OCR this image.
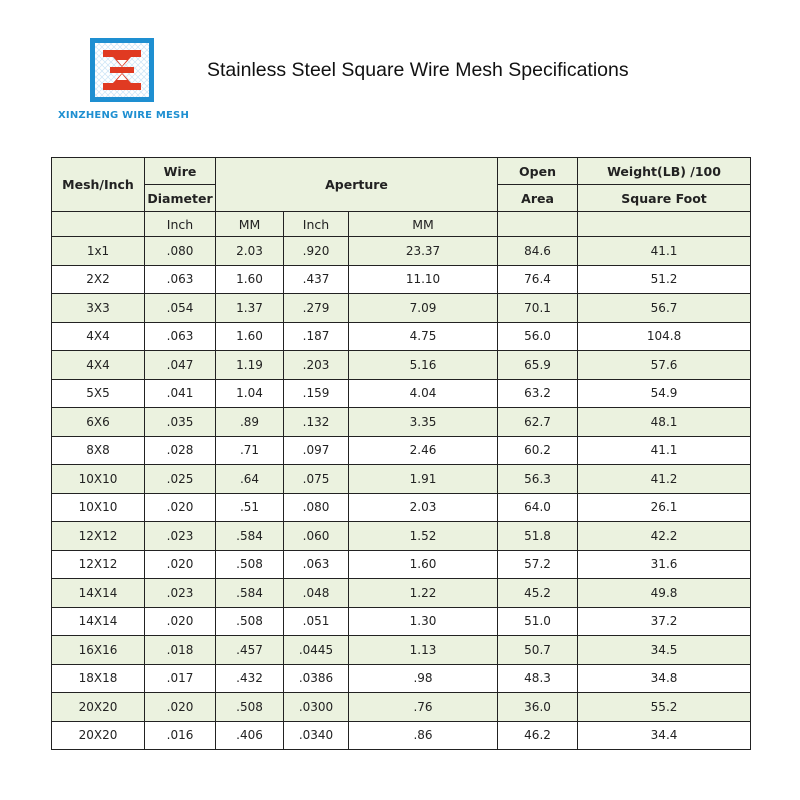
XINZHENG WIRE MESH
Stainless Steel Square Wire Mesh Specifications
Mesh/Inch	Wire	Aperture			Open	Weight(LB) /100
	Diameter				Area	Square Foot
	Inch	MM	Inch	MM		
1x1	.080	2.03	.920	23.37	84.6	41.1
2X2	.063	1.60	.437	11.10	76.4	51.2
3X3	.054	1.37	.279	7.09	70.1	56.7
4X4	.063	1.60	.187	4.75	56.0	104.8
4X4	.047	1.19	.203	5.16	65.9	57.6
5X5	.041	1.04	.159	4.04	63.2	54.9
6X6	.035	.89	.132	3.35	62.7	48.1
8X8	.028	.71	.097	2.46	60.2	41.1
10X10	.025	.64	.075	1.91	56.3	41.2
10X10	.020	.51	.080	2.03	64.0	26.1
12X12	.023	.584	.060	1.52	51.8	42.2
12X12	.020	.508	.063	1.60	57.2	31.6
14X14	.023	.584	.048	1.22	45.2	49.8
14X14	.020	.508	.051	1.30	51.0	37.2
16X16	.018	.457	.0445	1.13	50.7	34.5
18X18	.017	.432	.0386	.98	48.3	34.8
20X20	.020	.508	.0300	.76	36.0	55.2
20X20	.016	.406	.0340	.86	46.2	34.4
